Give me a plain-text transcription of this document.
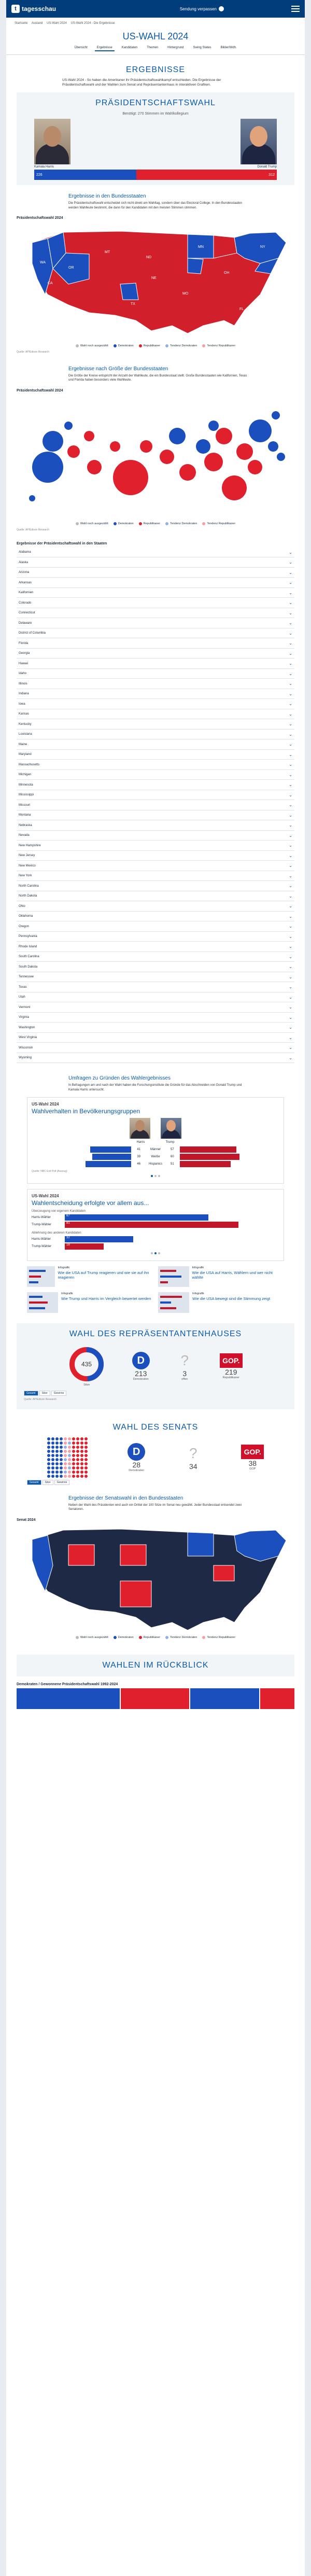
t tagesschau	Sendung verpassen
Startseite Ausland US-Wahl 2024 US-Wahl 2024 - Die Ergebnisse
US-WAHL 2024
Übersicht	Ergebnisse	Kandidaten	Themen	Hintergrund	Swing States	Bilder/Wdh.
ERGEBNISSE

US-Wahl 2024 - So haben die Amerikaner ihr Präsidentschaftswahlkampf entschieden. Die Ergebnisse der Präsidentschaftswahl und der Wahlen zum Senat und Repräsentantenhaus in interaktiven Grafiken.

PRÄSIDENTSCHAFTSWAHL
Benötigt: 270 Stimmen im Wahlkollegium
Kamala Harris	Donald Trump
226	312
Ergebnisse in den Bundesstaaten
Die Präsidentschaftswahl entscheidet sich nicht direkt am Wahltag, sondern über das Electoral College. In den Bundesstaaten werden Wahlleute bestimmt, die dann für den Kandidaten mit den meisten Stimmen stimmen.
Präsidentschaftswahl 2024
WA
OR
CA
MT
ND
NE
TX
MN
OH
NY
FL
MO
Wahl noch ausgezählt	Demokraten	Republikaner	Tendenz Demokraten	Tendenz Republikaner
Quelle: AP/Edison Research
Ergebnisse nach Größe der Bundesstaaten
Die Größe der Kreise entspricht der Anzahl der Wahlleute, die ein Bundesstaat stellt. Große Bundesstaaten wie Kalifornien, Texas und Florida haben besonders viele Wahlleute.
Präsidentschaftswahl 2024
Wahl noch ausgezählt	Demokraten	Republikaner	Tendenz Demokraten	Tendenz Republikaner
Quelle: AP/Edison Research
Ergebnisse der Präsidentschaftswahl in den Staaten
Alabama	⌄
Alaska	⌄
Arizona	⌄
Arkansas	⌄
Kalifornien	⌄
Colorado	⌄
Connecticut	⌄
Delaware	⌄
District of Columbia	⌄
Florida	⌄
Georgia	⌄
Hawaii	⌄
Idaho	⌄
Illinois	⌄
Indiana	⌄
Iowa	⌄
Kansas	⌄
Kentucky	⌄
Louisiana	⌄
Maine	⌄
Maryland	⌄
Massachusetts	⌄
Michigan	⌄
Minnesota	⌄
Mississippi	⌄
Missouri	⌄
Montana	⌄
Nebraska	⌄
Nevada	⌄
New Hampshire	⌄
New Jersey	⌄
New Mexico	⌄
New York	⌄
North Carolina	⌄
North Dakota	⌄
Ohio	⌄
Oklahoma	⌄
Oregon	⌄
Pennsylvania	⌄
Rhode Island	⌄
South Carolina	⌄
South Dakota	⌄
Tennessee	⌄
Texas	⌄
Utah	⌄
Vermont	⌄
Virginia	⌄
Washington	⌄
West Virginia	⌄
Wisconsin	⌄
Wyoming	⌄
Umfragen zu Gründen des Wahlergebnisses
In Befragungen am und nach der Wahl haben die Forschungsinstitute die Gründe für das Abschneiden von Donald Trump und Kamala Harris untersucht.
US-Wahl 2024
Wahlverhalten in Bevölkerungsgruppen
Harris	Trump
41	Männer	57
39	Weiße	60
46	Hispanics	51
Quelle: NBC Exit Poll (Auszug)
US-Wahl 2024
Wahlentscheidung erfolgte vor allem aus...
Überzeugung von eigenem Kandidaten
Harris-Wähler	67
Trump-Wähler	81
Ablehnung des anderen Kandidaten
Harris-Wähler	32
Trump-Wähler	18
Infografik
Wie die USA auf Trump reagieren und wie sie auf ihn reagieren
Infografik
Wie die USA auf Harris, Wählern und wer nicht wählte
Infografik
Wie Trump und Harris im Vergleich bewertet werden
Infografik
Wie die USA bewegt sind die Stimmung zeigt
WAHL DES REPRÄSENTANTENHAUSES
435
Sitze
D
213
Demokraten
?
3
offen
GOP.
219
Republikaner
Gesamt	Sitze	Gewinne
Quelle: AP/Edison Research
WAHL DES SENATS
D
28
Demokraten
?
34
GOP.
38
GOP
Gesamt	Sitze	Gewinne
Ergebnisse der Senatswahl in den Bundesstaaten
Neben der Wahl des Präsidenten wird auch ein Drittel der 100 Sitze im Senat neu gewählt. Jeder Bundesstaat entsendet zwei Senatoren.
Senat 2024
Wahl noch ausgezählt	Demokraten	Republikaner	Tendenz Demokraten	Tendenz Republikaner
WAHLEN IM RÜCKBLICK
Demokraten / Gewonnene Präsidentschaftswahl 1992-2024
